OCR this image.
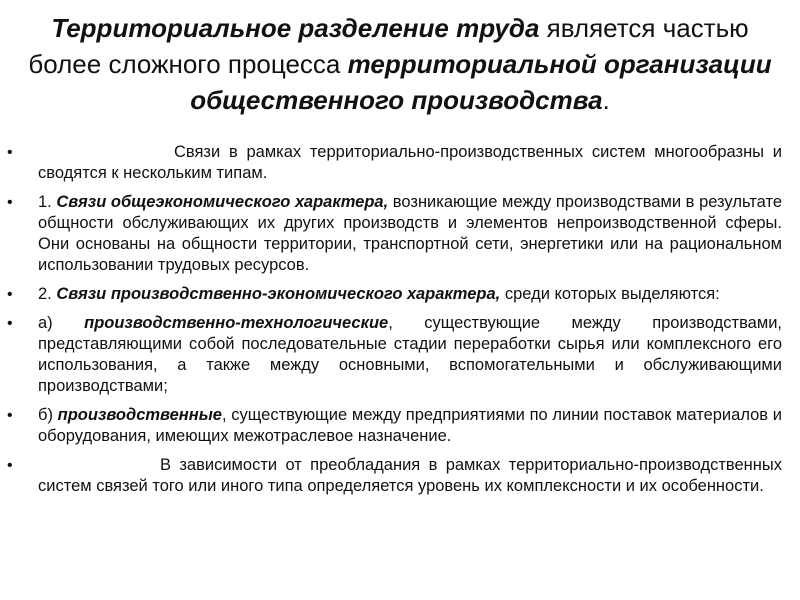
Территориальное разделение труда является частью более сложного процесса территориальной организации общественного производства.
•	Связи в рамках территориально-производственных систем многообразны и сводятся к нескольким типам.
• 1. Связи общеэкономического характера, возникающие между производствами в результате общности обслуживающих их других производств и элементов непроизводственной сферы. Они основаны на общности территории, транспортной сети, энергетики или на рациональном использовании трудовых ресурсов.
• 2. Связи производственно-экономического характера, среди которых выделяются:
• а) производственно-технологические, существующие между производствами, представляющими собой последовательные стадии переработки сырья или комплексного его использования, а также между основными, вспомогательными и обслуживающими производствами;
• б) производственные, существующие между предприятиями по линии поставок материалов и оборудования, имеющих межотраслевое назначение.
•	В зависимости от преобладания в рамках территориально-производственных систем связей того или иного типа определяется уровень их комплексности и их особенности.
